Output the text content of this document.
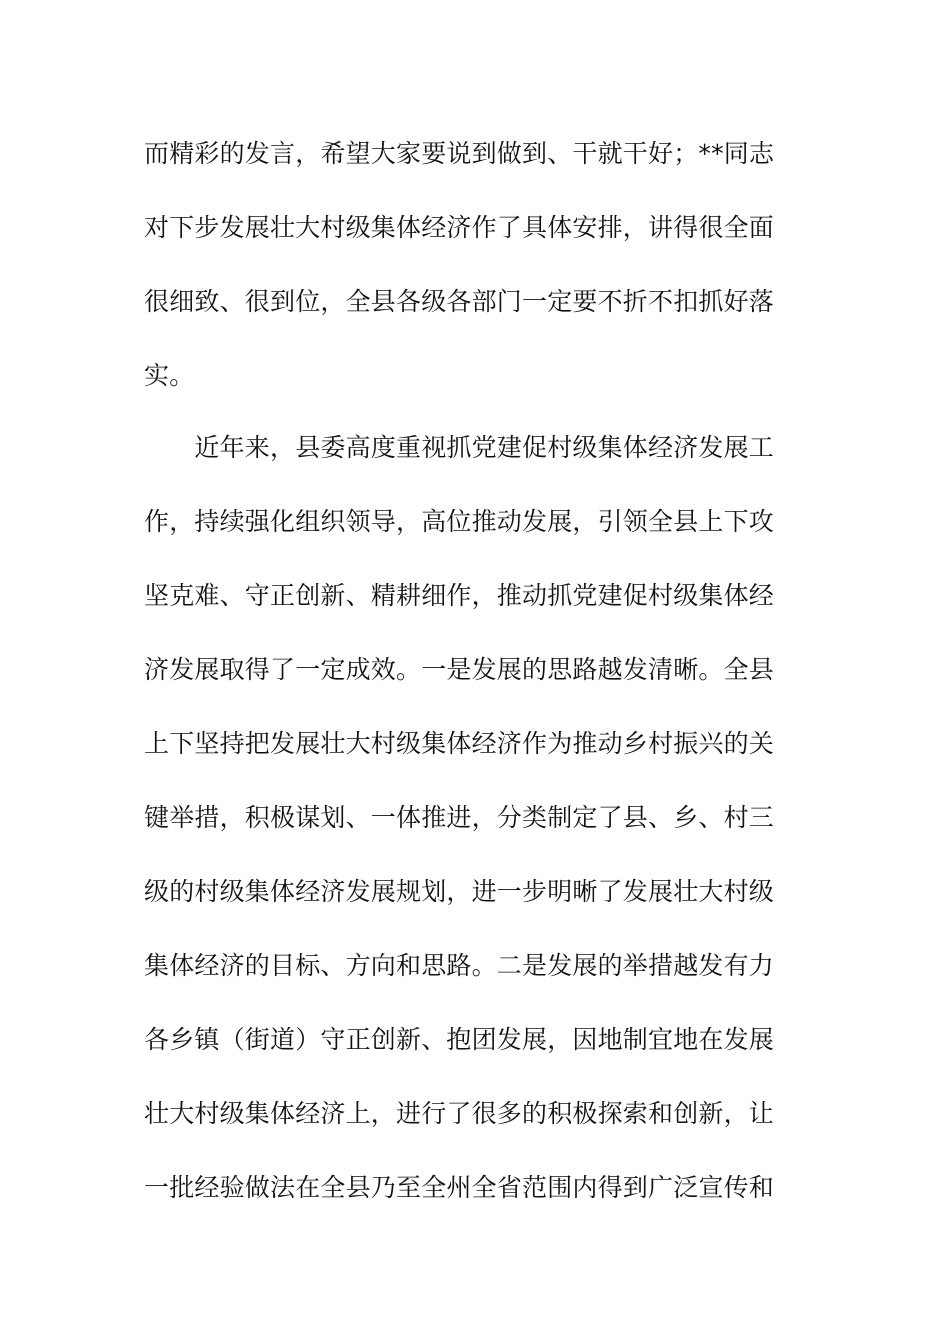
而精彩的发言，希望大家要说到做到、干就干好；**同志
对下步发展壮大村级集体经济作了具体安排，讲得很全面
很细致、很到位，全县各级各部门一定要不折不扣抓好落
实。
　　近年来，县委高度重视抓党建促村级集体经济发展工
作，持续强化组织领导，高位推动发展，引领全县上下攻
坚克难、守正创新、精耕细作，推动抓党建促村级集体经
济发展取得了一定成效。一是发展的思路越发清晰。全县
上下坚持把发展壮大村级集体经济作为推动乡村振兴的关
键举措，积极谋划、一体推进，分类制定了县、乡、村三
级的村级集体经济发展规划，进一步明晰了发展壮大村级
集体经济的目标、方向和思路。二是发展的举措越发有力
各乡镇（街道）守正创新、抱团发展，因地制宜地在发展
壮大村级集体经济上，进行了很多的积极探索和创新，让
一批经验做法在全县乃至全州全省范围内得到广泛宣传和
